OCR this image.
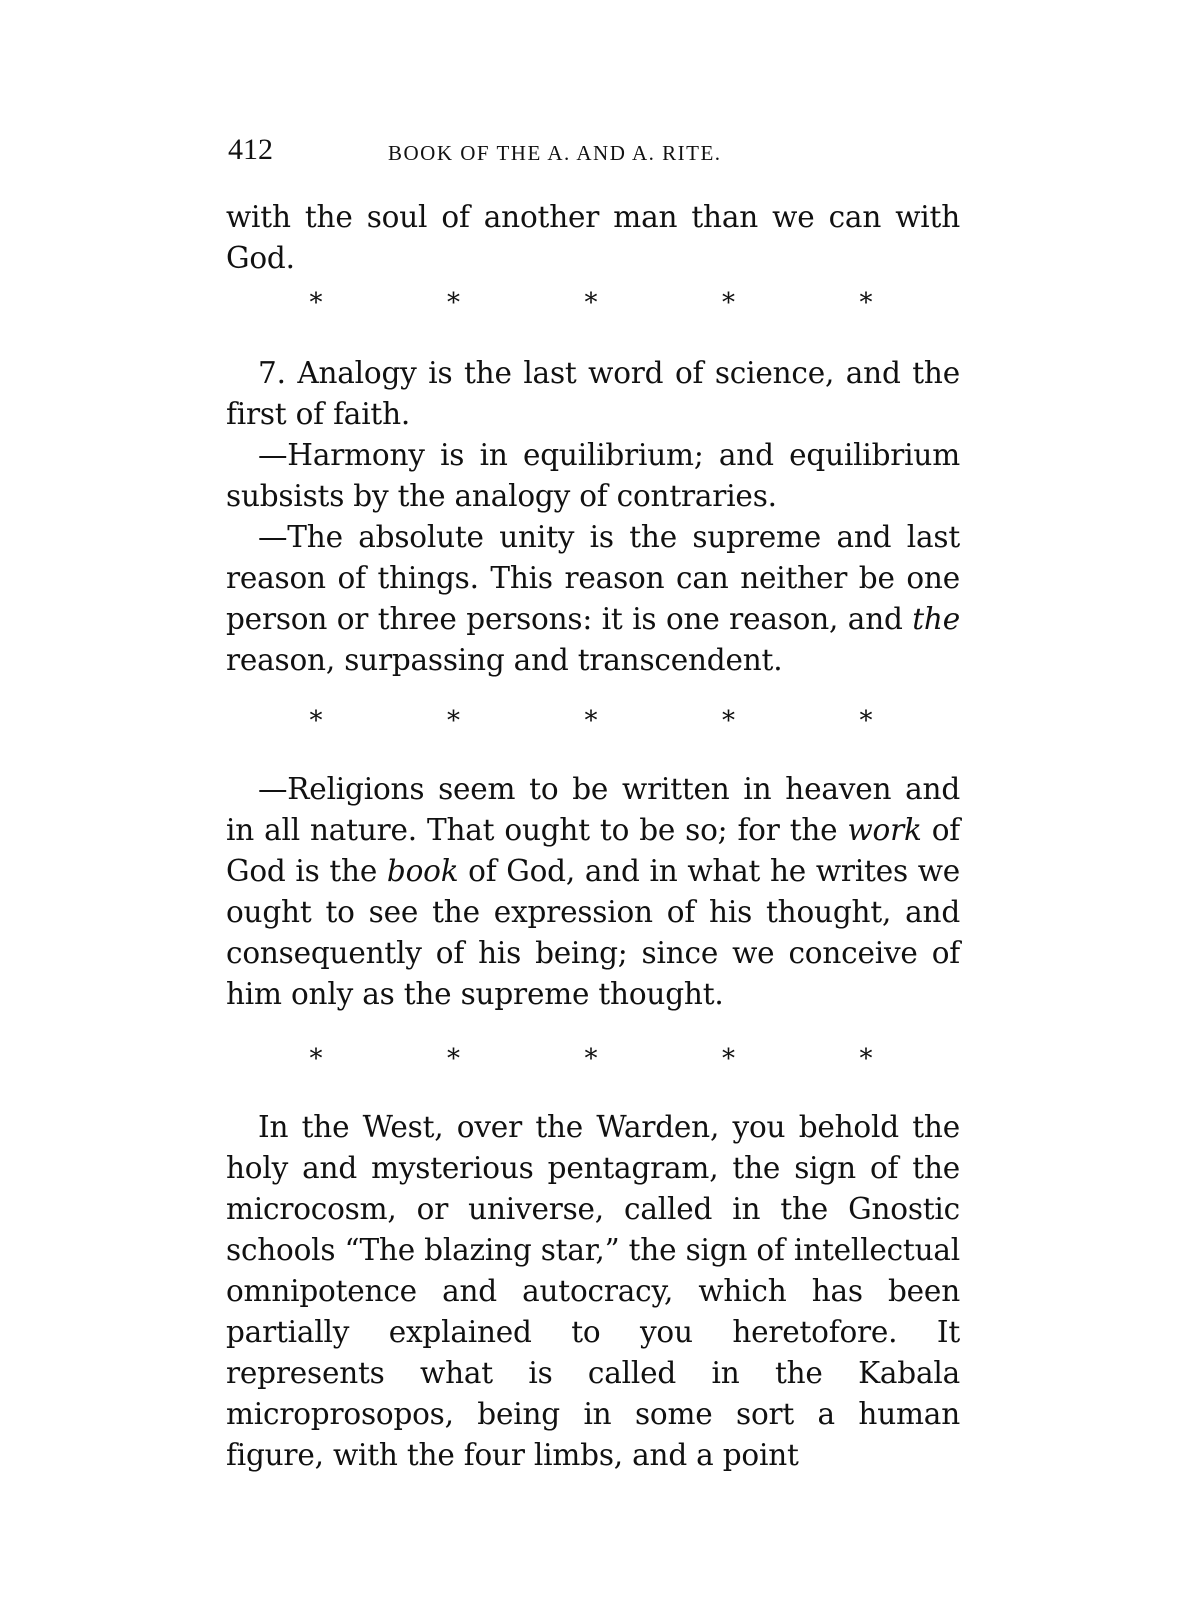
412	BOOK OF THE A. AND A. RITE.

with the soul of another man than we can with God.

*	*	*	*	*

7. Analogy is the last word of science, and the first of faith.

—Harmony is in equilibrium; and equilibrium subsists by the analogy of contraries.

—The absolute unity is the supreme and last reason of things. This reason can neither be one person or three persons: it is one reason, and the reason, surpassing and transcendent.

*	*	*	*	*

—Religions seem to be written in heaven and in all nature. That ought to be so; for the work of God is the book of God, and in what he writes we ought to see the expression of his thought, and consequently of his being; since we conceive of him only as the supreme thought.

*	*	*	*	*

In the West, over the Warden, you behold the holy and mysterious pentagram, the sign of the microcosm, or universe, called in the Gnostic schools “The blazing star,” the sign of intellectual omnipotence and autocracy, which has been partially explained to you heretofore. It represents what is called in the Kabala microprosopos, being in some sort a human figure, with the four limbs, and a point
